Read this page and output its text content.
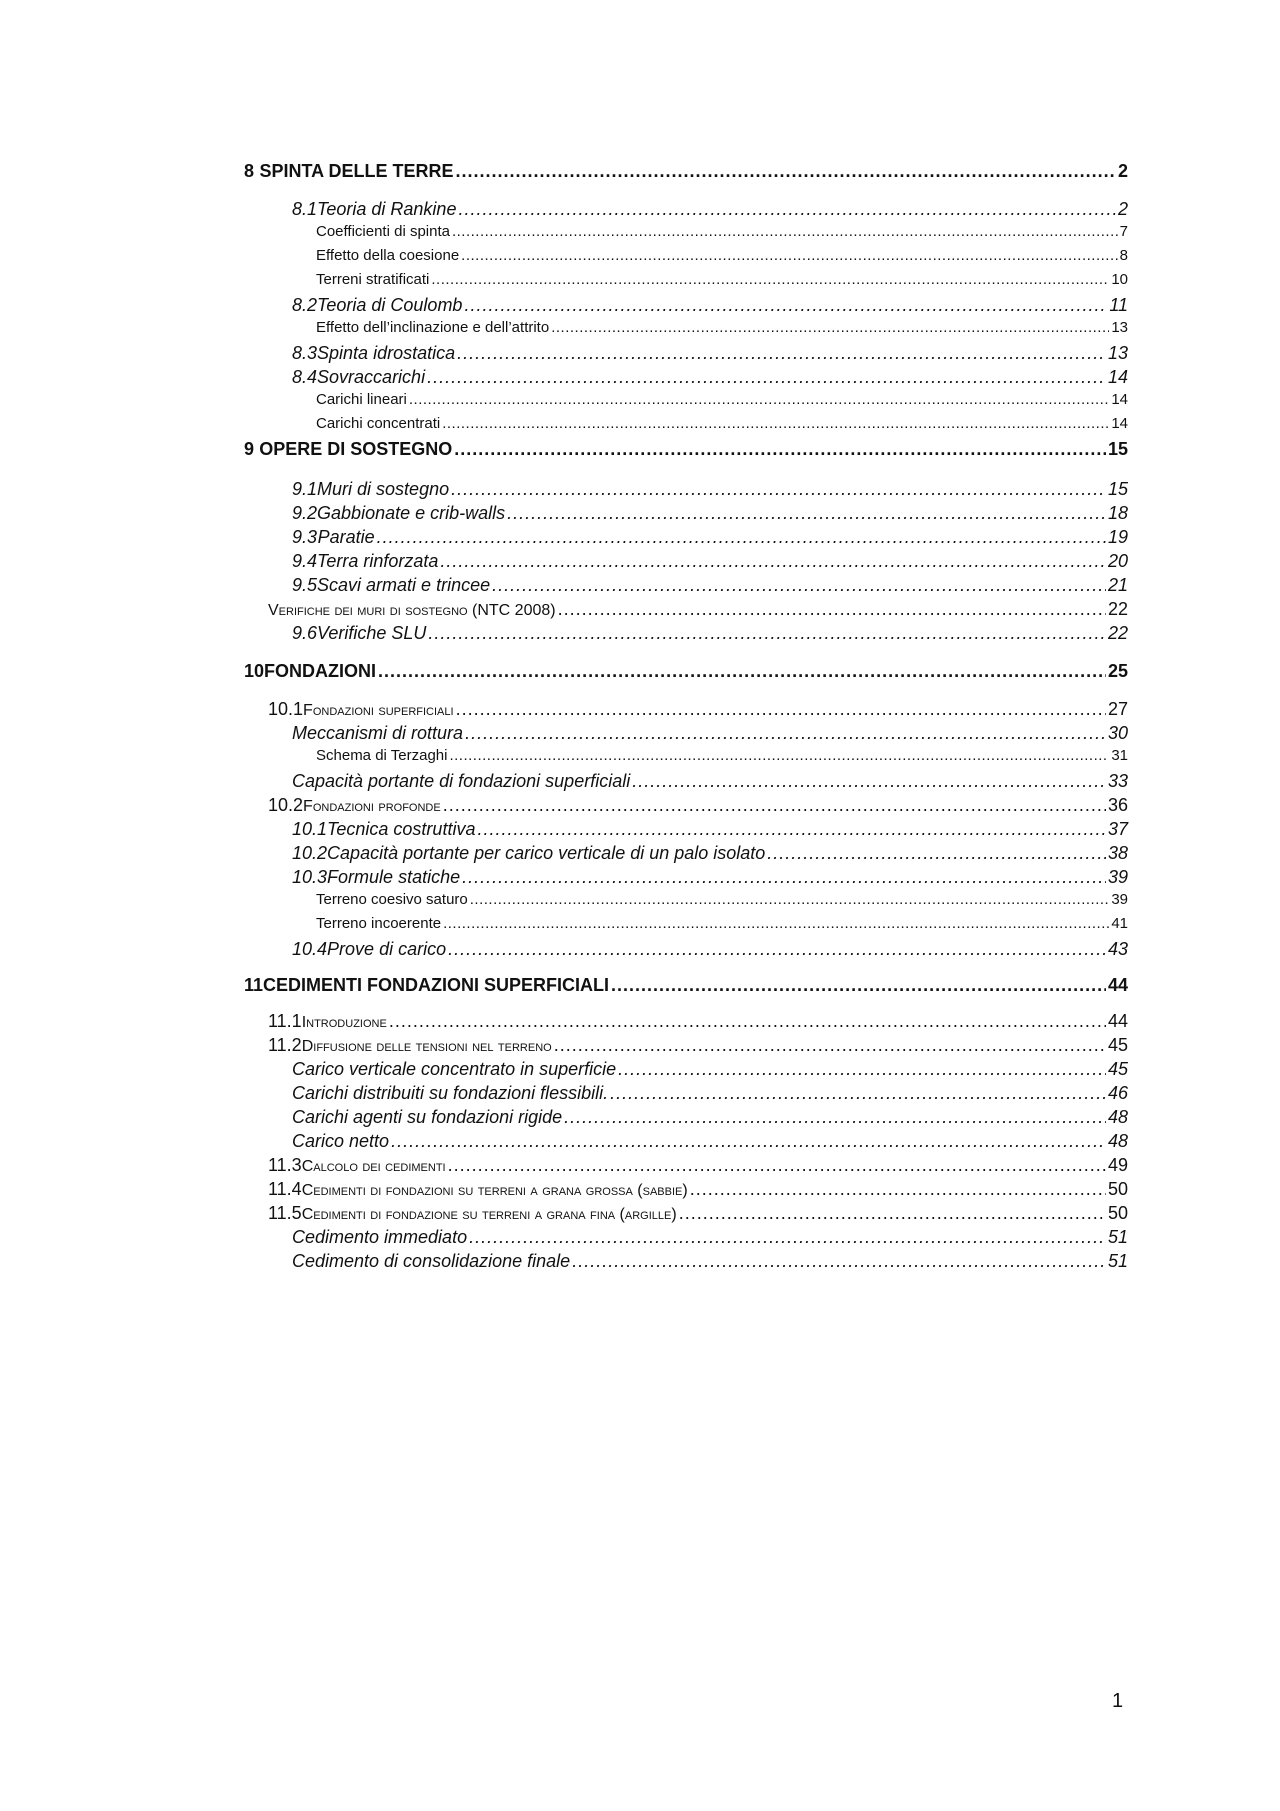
8 SPINTA DELLE TERRE .....	2
8.1 Teoria di Rankine .....	2
Coefficienti di spinta .....	7
Effetto della coesione .....	8
Terreni stratificati .....	10
8.2 Teoria di Coulomb .....	11
Effetto dell’inclinazione e dell’attrito .....	13
8.3 Spinta idrostatica .....	13
8.4 Sovraccarichi .....	14
Carichi lineari .....	14
Carichi concentrati .....	14
9 OPERE DI SOSTEGNO .....	15
9.1 Muri di sostegno .....	15
9.2 Gabbionate e crib-walls .....	18
9.3 Paratie .....	19
9.4 Terra rinforzata .....	20
9.5 Scavi armati e trincee .....	21
Verifiche dei muri di sostegno (NTC 2008) .....	22
9.6 Verifiche SLU .....	22
10 FONDAZIONI .....	25
10.1 Fondazioni superficiali .....	27
Meccanismi di rottura .....	30
Schema di Terzaghi .....	31
Capacità portante di fondazioni superficiali .....	33
10.2 Fondazioni profonde .....	36
10.1 Tecnica costruttiva .....	37
10.2 Capacità portante per carico verticale di un palo isolato .....	38
10.3 Formule statiche .....	39
Terreno coesivo saturo .....	39
Terreno incoerente .....	41
10.4 Prove di carico .....	43
11 CEDIMENTI FONDAZIONI SUPERFICIALI .....	44
11.1 Introduzione .....	44
11.2 Diffusione delle tensioni nel terreno .....	45
Carico verticale concentrato in superficie .....	45
Carichi distribuiti su fondazioni flessibili. .....	46
Carichi agenti su fondazioni rigide .....	48
Carico netto .....	48
11.3 Calcolo dei cedimenti .....	49
11.4 Cedimenti di fondazioni su terreni a grana grossa (sabbie) .....	50
11.5 Cedimenti di fondazione su terreni a grana fina (argille) .....	50
Cedimento immediato .....	51
Cedimento di consolidazione finale .....	51
1
